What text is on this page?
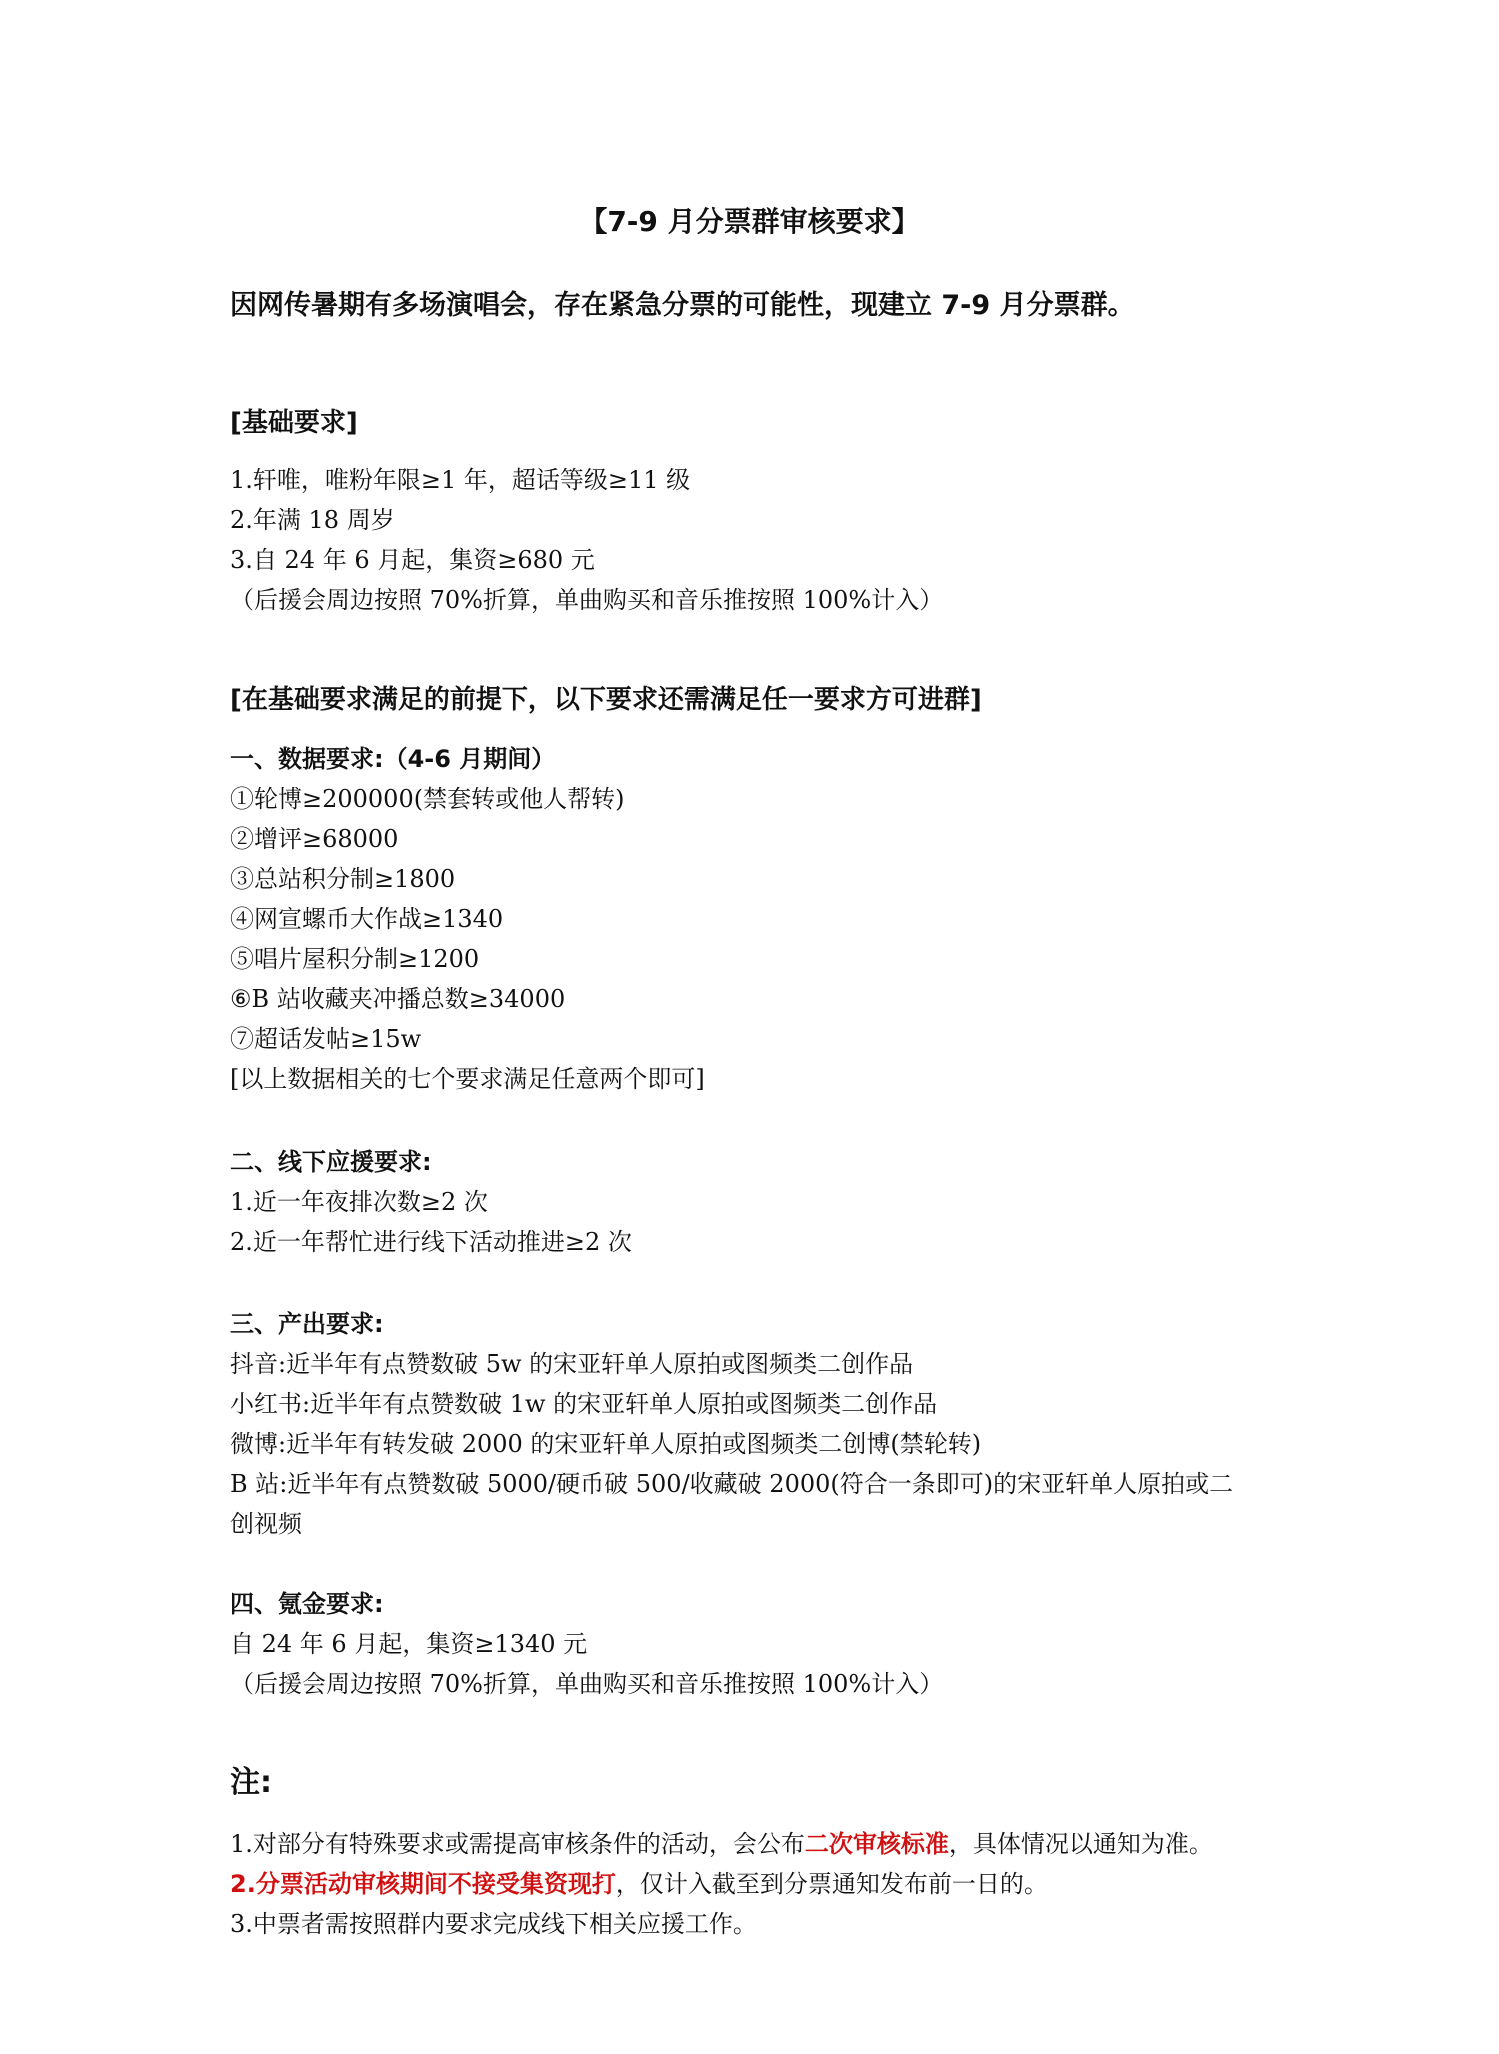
【7-9 月分票群审核要求】
因网传暑期有多场演唱会，存在紧急分票的可能性，现建立 7-9 月分票群。
[基础要求]
1.轩唯，唯粉年限≥1 年，超话等级≥11 级
2.年满 18 周岁
3.自 24 年 6 月起，集资≥680 元
（后援会周边按照 70%折算，单曲购买和音乐推按照 100%计入）
[在基础要求满足的前提下，以下要求还需满足任一要求方可进群]
一、数据要求:（4-6 月期间）
①轮博≥200000(禁套转或他人帮转)
②增评≥68000
③总站积分制≥1800
④网宣螺币大作战≥1340
⑤唱片屋积分制≥1200
⑥B 站收藏夹冲播总数≥34000
⑦超话发帖≥15w
[以上数据相关的七个要求满足任意两个即可]
二、线下应援要求:
1.近一年夜排次数≥2 次
2.近一年帮忙进行线下活动推进≥2 次
三、产出要求:
抖音:近半年有点赞数破 5w 的宋亚轩单人原拍或图频类二创作品
小红书:近半年有点赞数破 1w 的宋亚轩单人原拍或图频类二创作品
微博:近半年有转发破 2000 的宋亚轩单人原拍或图频类二创博(禁轮转)
B 站:近半年有点赞数破 5000/硬币破 500/收藏破 2000(符合一条即可)的宋亚轩单人原拍或二
创视频
四、氪金要求:
自 24 年 6 月起，集资≥1340 元
（后援会周边按照 70%折算，单曲购买和音乐推按照 100%计入）
注:
1.对部分有特殊要求或需提高审核条件的活动，会公布二次审核标准，具体情况以通知为准。
2.分票活动审核期间不接受集资现打，仅计入截至到分票通知发布前一日的。
3.中票者需按照群内要求完成线下相关应援工作。
